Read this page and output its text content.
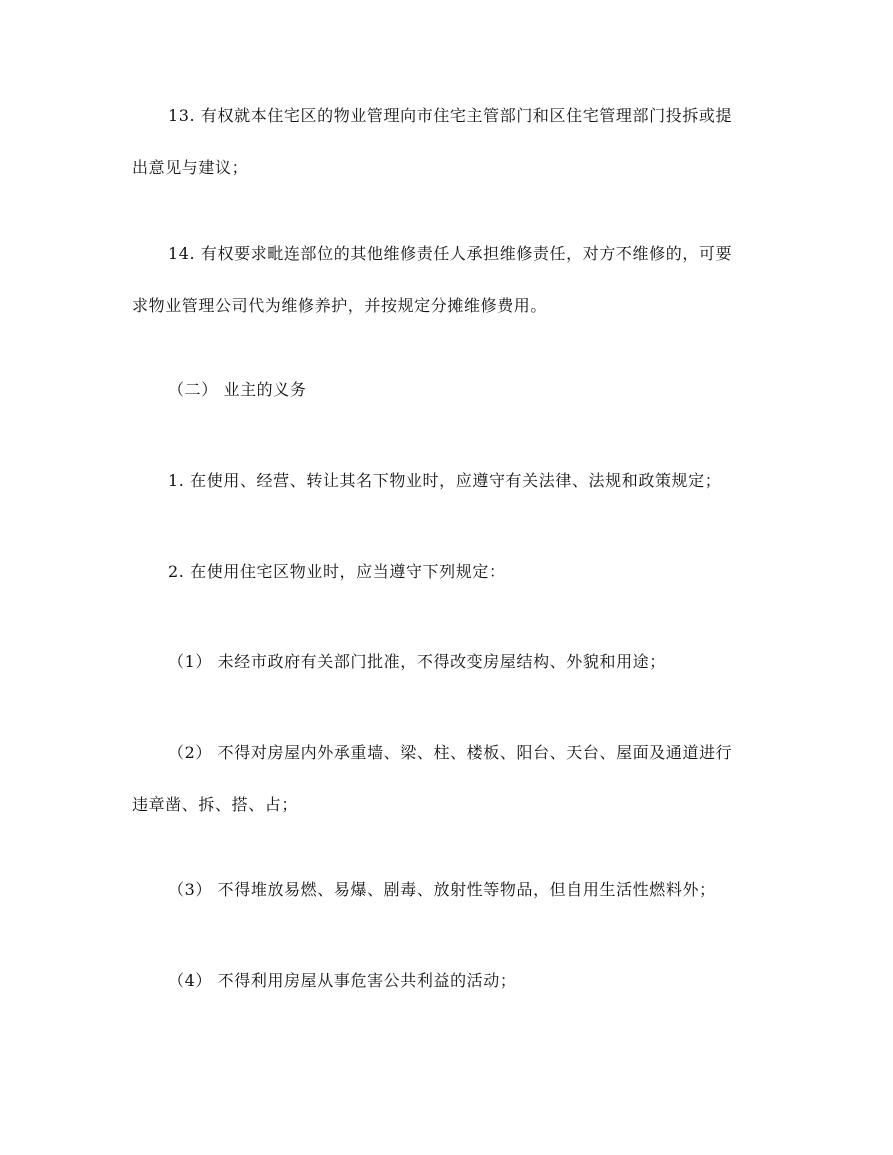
13. 有权就本住宅区的物业管理向市住宅主管部门和区住宅管理部门投拆或提
出意见与建议；

14. 有权要求毗连部位的其他维修责任人承担维修责任，对方不维修的，可要
求物业管理公司代为维修养护，并按规定分摊维修费用。

（二） 业主的义务

1. 在使用、经营、转让其名下物业时，应遵守有关法律、法规和政策规定；

2. 在使用住宅区物业时，应当遵守下列规定：

（1） 未经市政府有关部门批准，不得改变房屋结构、外貌和用途；

（2） 不得对房屋内外承重墙、梁、柱、楼板、阳台、天台、屋面及通道进行
违章凿、拆、搭、占；

（3） 不得堆放易燃、易爆、剧毒、放射性等物品，但自用生活性燃料外；

（4） 不得利用房屋从事危害公共利益的活动；
